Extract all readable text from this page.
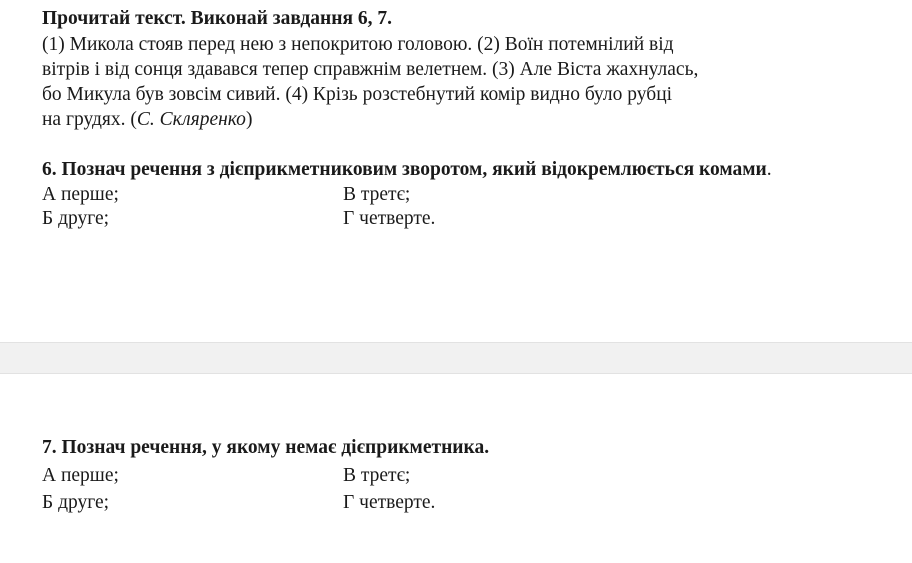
Прочитай текст. Виконай завдання 6, 7.
(1) Микола стояв перед нею з непокритою головою. (2) Воїн потемнілий від
вітрів і від сонця здавався тепер справжнім велетнем. (3) Але Віста жахнулась,
бо Микула був зовсім сивий. (4) Крізь розстебнутий комір видно було рубці
на грудях. (С. Скляренко)
6. Познач речення з дієприкметниковим зворотом, який відокремлюється комами.
А перше;	В третє;
Б друге;	Г четверте.
7. Познач речення, у якому немає дієприкметника.
А перше;	В третє;
Б друге;	Г четверте.
